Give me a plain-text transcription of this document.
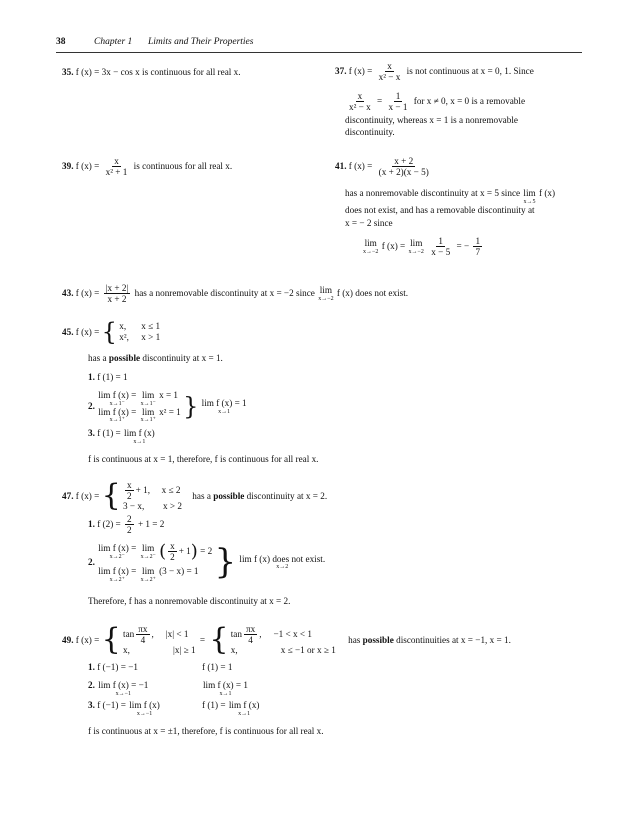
38	Chapter 1 Limits and Their Properties
35. f (x) = 3x − cos x is continuous for all real x.	37. f $(x) = \frac{x}{\text{x² − x}}$ is not continuous at x = 0, 1. Since
$\frac{x}{\text{x² − x}} = \frac{1}{x - 1}$ for x ≠ 0, x = 0 is a removable
discontinuity, whereas x = 1 is a nonremovable
discontinuity.
39. f $(x) = \frac{x}{\text{x² + 1}}$ is continuous for all real x.	41. f $(x) = \frac{x + 2}{(x + 2)(x - 5)}$
has a nonremovable discontinuity at x = 5 since lim
x→5
f (x)
does not exist, and has a removable discontinuity at
x = − 2 since
lim
x→−2
f (x) = lim
x→−2
$\frac{1}{x - 5}$ = − $\frac{1}{7}$
43. f $(x) = \frac{|x + 2|}{x + 2}$ has a nonremovable discontinuity at x = −2 since lim
x→−2
f (x) does not exist.
45. f (x) = { x, x ≤ 1
x², x > 1
has a possible discontinuity at x = 1.
1. f (1) = 1
2.
lim f (x) =
x→1⁻

lim
x→1⁻
x = 1
lim f (x) =
x→1⁺

lim
x→1⁺
x² = 1 } lim f (x) = 1
x→1
3. f (1) = lim f (x)
x→1
f is continuous at x = 1, therefore, f is continuous for all real x.
47. f (x) = { $\frac{x}{2} + 1$, x ≤ 2
3 − x, x > 2
has a possible discontinuity at x = 2.
1. f $(2) = \frac{2}{2} + 1 = 2$
2.
lim f (x) =
x→2⁻

lim
x→2⁻
( $\frac{x}{2} + 1$ )
= 2
lim f (x) =
x→2⁺

lim
x→2⁺
(3 − x) = 1 } lim f (x) does not exist.
x→2
Therefore, f has a nonremovable discontinuity at x = 2.
49. f (x) = { $\tan \frac{\pi x}{4}$ , |x| < 1
x,	|x| ≥ 1
= { $\tan \frac{\pi x}{4}$ , −1 < x < 1
x,	x ≤ −1 or x ≥ 1
has possible discontinuities at x = −1, x = 1.
1. f (−1) = −1	f (1) = 1
2. lim f (x) = −1
x→−1
lim f (x) = 1
x→1
3. f (−1) = lim f (x)
x→−1
f (1) = lim f (x)
x→1
f is continuous at x = ±1, therefore, f is continuous for all real x.
